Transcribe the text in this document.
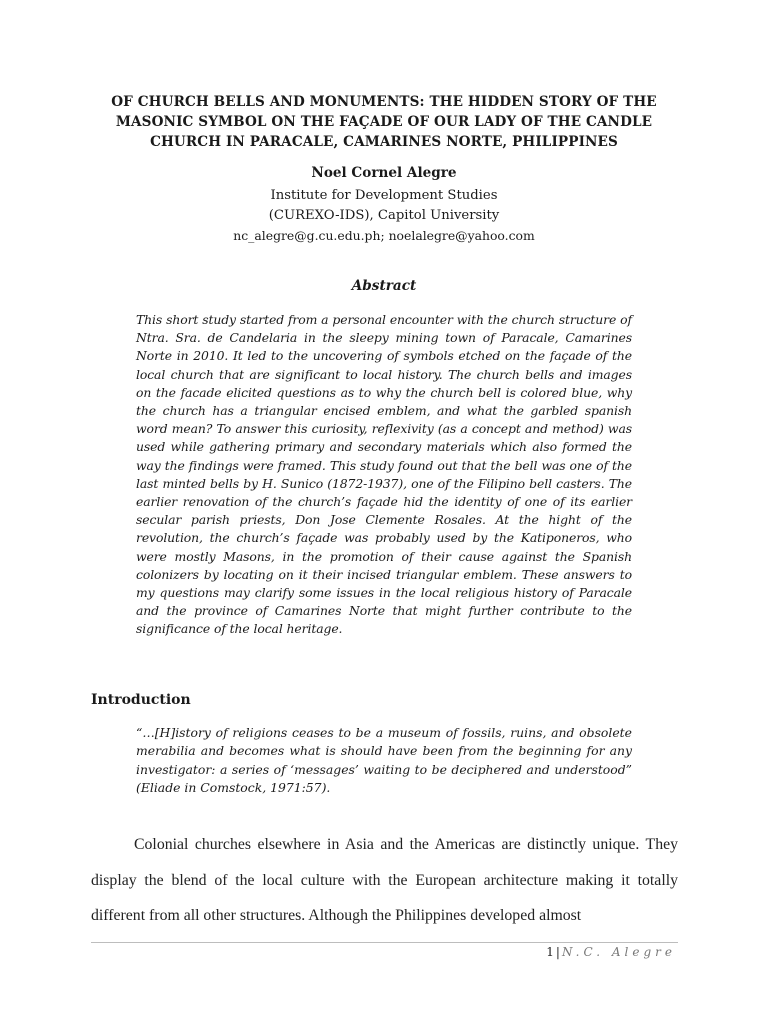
OF CHURCH BELLS AND MONUMENTS: THE HIDDEN STORY OF THE
MASONIC SYMBOL ON THE FAÇADE OF OUR LADY OF THE CANDLE
CHURCH IN PARACALE, CAMARINES NORTE, PHILIPPINES
Noel Cornel Alegre
Institute for Development Studies
(CUREXO-IDS), Capitol University
nc_alegre@g.cu.edu.ph; noelalegre@yahoo.com
Abstract
This short study started from a personal encounter with the church structure of Ntra. Sra. de Candelaria in the sleepy mining town of Paracale, Camarines Norte in 2010. It led to the uncovering of symbols etched on the façade of the local church that are significant to local history. The church bells and images on the facade elicited questions as to why the church bell is colored blue, why the church has a triangular encised emblem, and what the garbled spanish word mean? To answer this curiosity, reflexivity (as a concept and method) was used while gathering primary and secondary materials which also formed the way the findings were framed. This study found out that the bell was one of the last minted bells by H. Sunico (1872-1937), one of the Filipino bell casters. The earlier renovation of the church’s façade hid the identity of one of its earlier secular parish priests, Don Jose Clemente Rosales. At the hight of the revolution, the church’s façade was probably used by the Katiponeros, who were mostly Masons, in the promotion of their cause against the Spanish colonizers by locating on it their incised triangular emblem. These answers to my questions may clarify some issues in the local religious history of Paracale and the province of Camarines Norte that might further contribute to the significance of the local heritage.
Introduction
“…[H]istory of religions ceases to be a museum of fossils, ruins, and obsolete merabilia and becomes what is should have been from the beginning for any investigator: a series of ‘messages’ waiting to be deciphered and understood” (Eliade in Comstock, 1971:57).
Colonial churches elsewhere in Asia and the Americas are distinctly unique. They display the blend of the local culture with the European architecture making it totally different from all other structures. Although the Philippines developed almost
1 | N.C. Alegre
